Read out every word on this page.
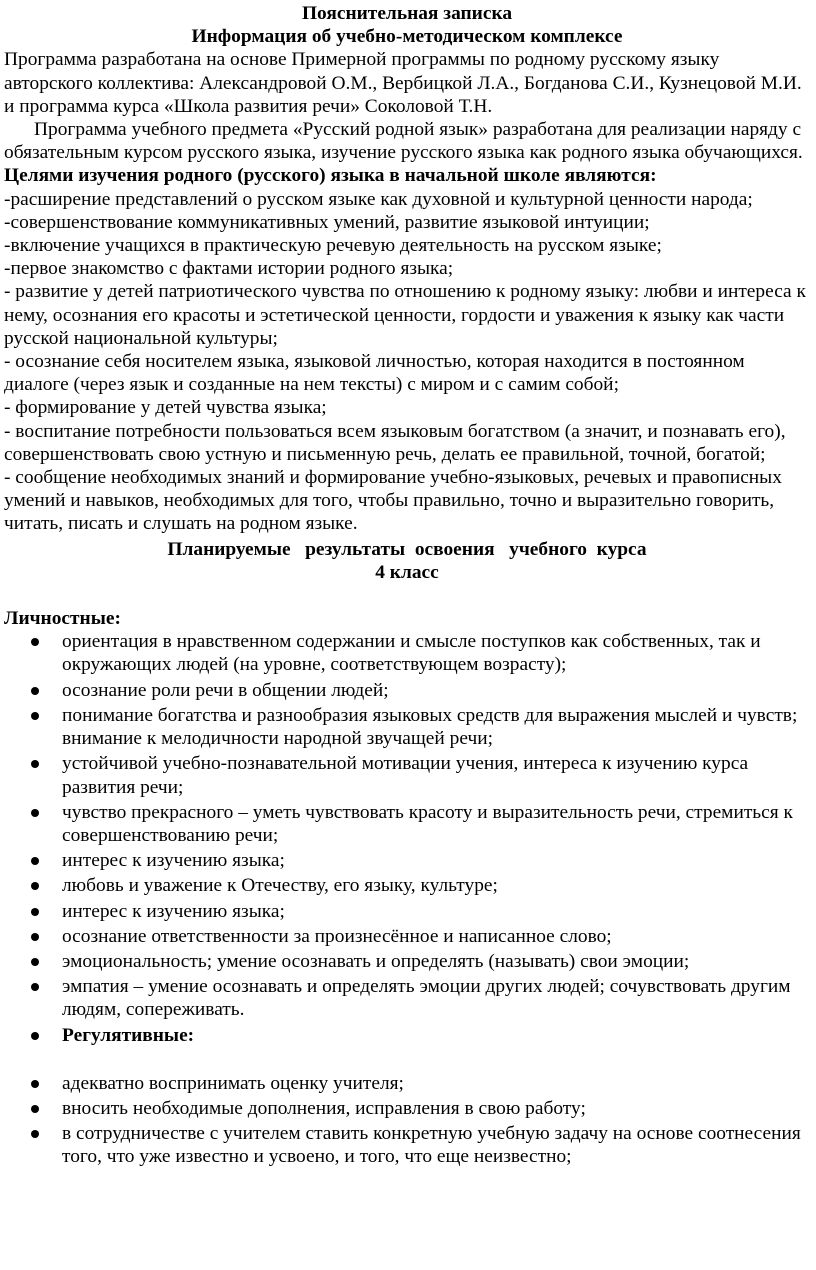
Пояснительная записка

Информация об учебно-методическом комплексе

Программа разработана на основе Примерной программы по родному русскому языку авторского коллектива: Александровой О.М., Вербицкой Л.А., Богданова С.И., Кузнецовой М.И. и программа курса «Школа развития речи» Соколовой Т.Н.

Программа учебного предмета «Русский родной язык» разработана для реализации наряду с обязательным курсом русского языка, изучение русского языка как родного языка обучающихся.

Целями изучения родного (русского) языка в начальной школе являются:

-расширение представлений о русском языке как духовной и культурной ценности народа;

-совершенствование коммуникативных умений, развитие языковой интуиции;

-включение учащихся в практическую речевую деятельность на русском языке;

-первое знакомство с фактами истории родного языка;

- развитие у детей патриотического чувства по отношению к родному языку: любви и интереса к нему, осознания его красоты и эстетической ценности, гордости и уважения к языку как части русской национальной культуры;

- осознание себя носителем языка, языковой личностью, которая находится в постоянном диалоге (через язык и созданные на нем тексты) с миром и с самим собой;

- формирование у детей чувства языка;

- воспитание потребности пользоваться всем языковым богатством (а значит, и познавать его), совершенствовать свою устную и письменную речь, делать ее правильной, точной, богатой;

- сообщение необходимых знаний и формирование учебно-языковых, речевых и правописных умений и навыков, необходимых для того, чтобы правильно, точно и выразительно говорить, читать, писать и слушать на родном языке.

Планируемые   результаты  освоения   учебного  курса

4 класс

Личностные:

ориентация в нравственном содержании и смысле поступков как собственных, так и окружающих людей (на уровне, соответствующем возрасту);
осознание роли речи в общении людей;
понимание богатства и разнообразия языковых средств для выражения мыслей и чувств; внимание к мелодичности народной звучащей речи;
устойчивой учебно-познавательной мотивации учения, интереса к изучению курса развития речи;
чувство прекрасного – уметь чувствовать красоту и выразительность речи, стремиться к совершенствованию речи;
интерес к изучению языка;
любовь и уважение к Отечеству, его языку, культуре;
интерес к изучению языка;
осознание ответственности за произнесённое и написанное слово;
эмоциональность; умение осознавать и определять (называть) свои эмоции;
эмпатия – умение осознавать и определять эмоции других людей; сочувствовать другим людям, сопереживать.
Регулятивные:
адекватно воспринимать оценку учителя;
вносить необходимые дополнения, исправления в свою работу;
в сотрудничестве с учителем ставить конкретную учебную задачу на основе соотнесения того, что уже известно и усвоено, и того, что еще неизвестно;
